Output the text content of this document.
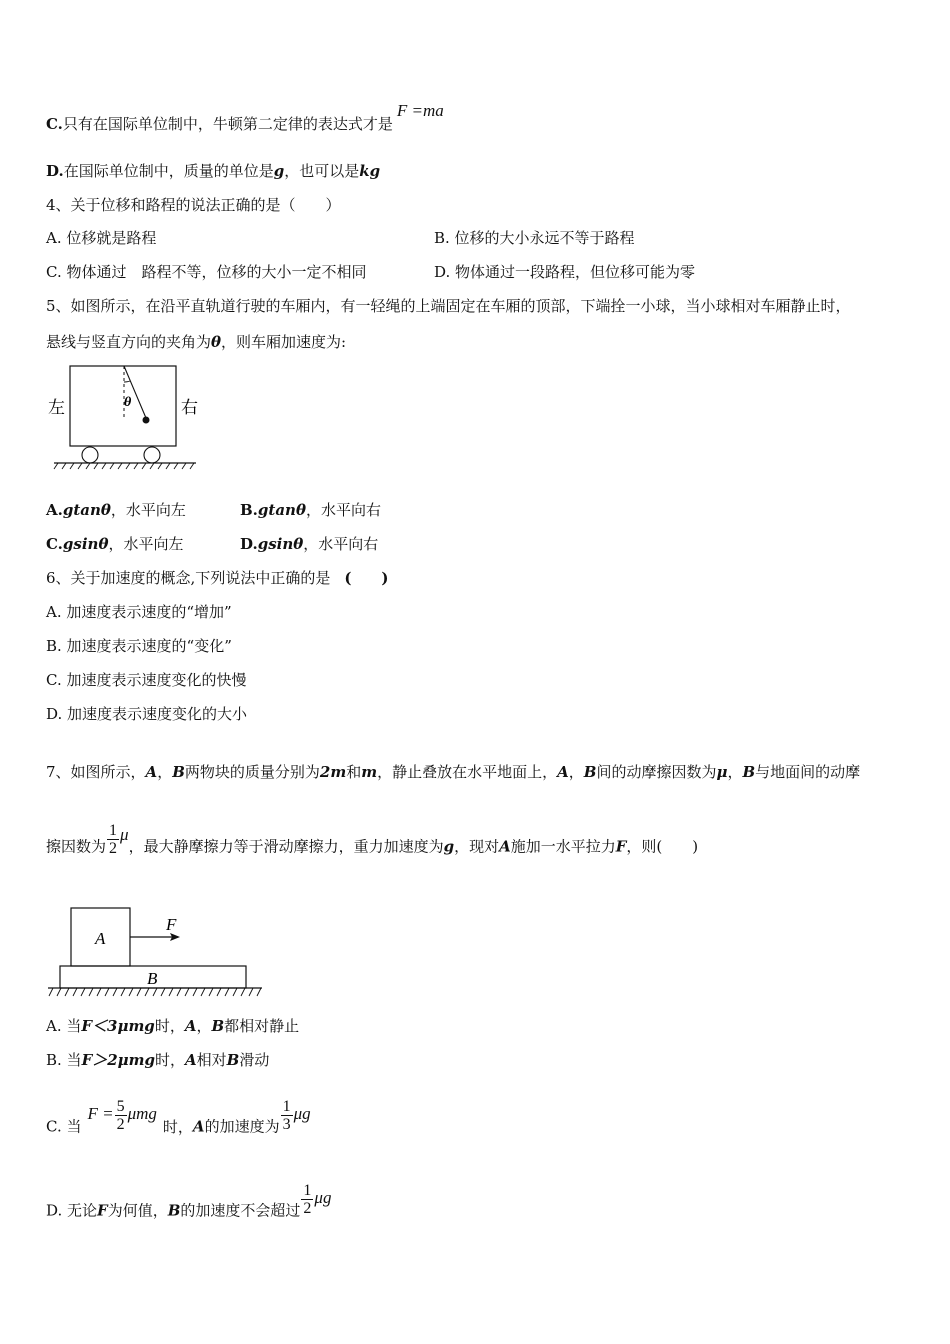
C.只有在国际单位制中，牛顿第二定律的表达式才是F =ma
D.在国际单位制中，质量的单位是g，也可以是kg
4、关于位移和路程的说法正确的是（　　）
A. 位移就是路程	B. 位移的大小永远不等于路程
C. 物体通过　路程不等，位移的大小一定不相同	D. 物体通过一段路程，但位移可能为零
5、如图所示，在沿平直轨道行驶的车厢内，有一轻绳的上端固定在车厢的顶部，下端拴一小球，当小球相对车厢静止时，
悬线与竖直方向的夹角为θ，则车厢加速度为:
左	右
θ
A.gtanθ，水平向左	B.gtanθ，水平向右
C.gsinθ，水平向左	D.gsinθ，水平向右
6、关于加速度的概念,下列说法中正确的是 (　　)
A. 加速度表示速度的“增加”
B. 加速度表示速度的“变化”
C. 加速度表示速度变化的快慢
D. 加速度表示速度变化的大小
7、如图所示，A，B两物块的质量分别为2m和m，静止叠放在水平地面上，A，B间的动摩擦因数为μ，B与地面间的动摩
擦因数为 $\frac{1}{2}$ μ，最大静摩擦力等于滑动摩擦力，重力加速度为g，现对A施加一水平拉力F，则(　　)
A
F
B
A. 当F＜3μmg时，A，B都相对静止
B. 当F＞2μmg时，A相对B滑动
C. 当$F = \frac{5}{2}$ μmg时，A的加速度为 $\frac{1}{3}$ μg
D. 无论F为何值，B的加速度不会超过 $\frac{1}{2}$ μg
